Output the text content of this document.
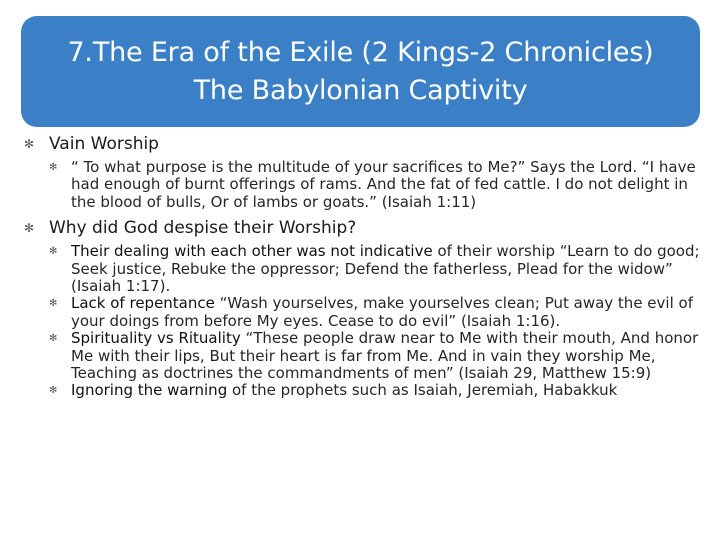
7.The Era of the Exile (2 Kings-2 Chronicles)
The Babylonian Captivity
✻ Vain Worship
✻ “ To what purpose is the multitude of your sacrifices to Me?” Says the Lord. “I have had enough of burnt offerings of rams. And the fat of fed cattle. I do not delight in the blood of bulls, Or of lambs or goats.” (Isaiah 1:11)
✻ Why did God despise their Worship?
✻ Their dealing with each other was not indicative of their worship “Learn to do good; Seek justice, Rebuke the oppressor; Defend the fatherless, Plead for the widow” (Isaiah 1:17).
✻ Lack of repentance “Wash yourselves, make yourselves clean; Put away the evil of your doings from before My eyes. Cease to do evil” (Isaiah 1:16).
✻ Spirituality vs Rituality “These people draw near to Me with their mouth, And honor Me with their lips, But their heart is far from Me. And in vain they worship Me, Teaching as doctrines the commandments of men” (Isaiah 29, Matthew 15:9)
✻ Ignoring the warning of the prophets such as Isaiah, Jeremiah, Habakkuk
